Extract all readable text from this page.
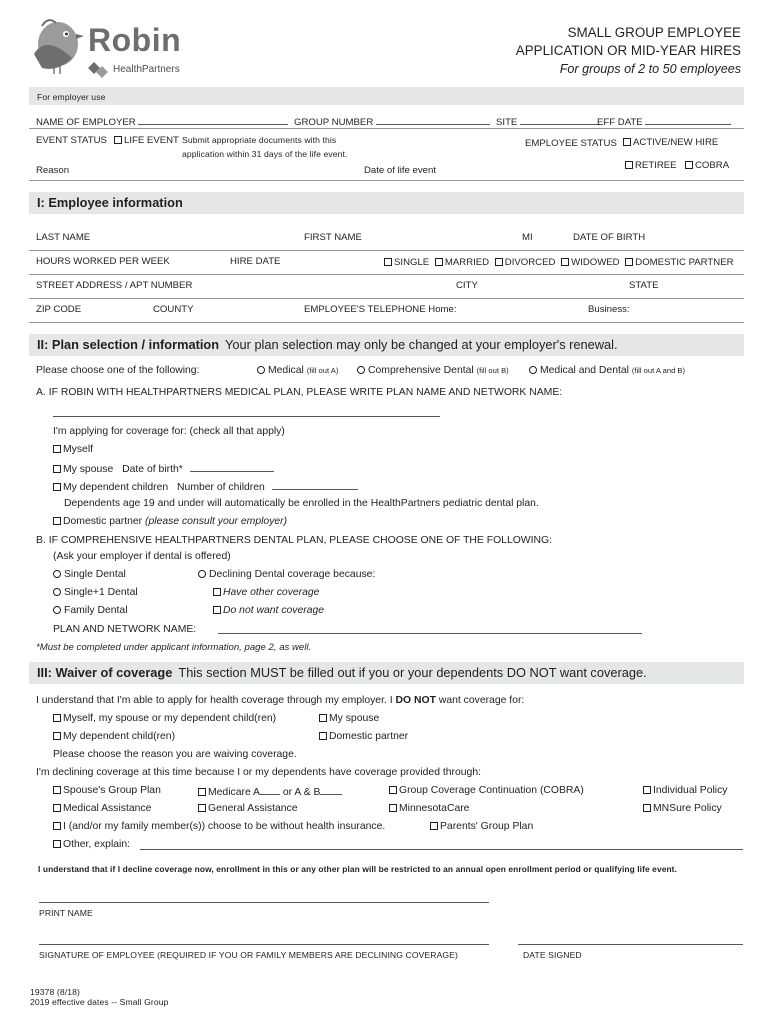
Robin
HealthPartners
SMALL GROUP EMPLOYEE
APPLICATION OR MID-YEAR HIRES
For groups of 2 to 50 employees
For employer use
NAME OF EMPLOYER	GROUP NUMBER	SITE	EFF DATE
EVENT STATUS	LIFE EVENT Submit appropriate documents with this
application within 31 days of the life event.
EMPLOYEE STATUS	ACTIVE/NEW HIRE
RETIREE	COBRA
Reason	Date of life event
I: Employee information
LAST NAME	FIRST NAME	MI	DATE OF BIRTH
HOURS WORKED PER WEEK	HIRE DATE	SINGLE MARRIED DIVORCED WIDOWED DOMESTIC PARTNER
STREET ADDRESS / APT NUMBER	CITY	STATE
ZIP CODE	COUNTY	EMPLOYEE'S TELEPHONE Home:	Business:
II: Plan selection / information Your plan selection may only be changed at your employer's renewal.
Please choose one of the following:	Medical (fill out A)	Comprehensive Dental (fill out B)	Medical and Dental (fill out A and B)
A. IF ROBIN WITH HEALTHPARTNERS MEDICAL PLAN, PLEASE WRITE PLAN NAME AND NETWORK NAME:
I'm applying for coverage for: (check all that apply)
Myself
My spouse Date of birth*
My dependent children Number of children
Dependents age 19 and under will automatically be enrolled in the HealthPartners pediatric dental plan.
Domestic partner (please consult your employer)
B. IF COMPREHENSIVE HEALTHPARTNERS DENTAL PLAN, PLEASE CHOOSE ONE OF THE FOLLOWING:
(Ask your employer if dental is offered)
Single Dental
Single+1 Dental
Family Dental
Declining Dental coverage because:
Have other coverage
Do not want coverage
PLAN AND NETWORK NAME:
*Must be completed under applicant information, page 2, as well.
III: Waiver of coverage This section MUST be filled out if you or your dependents DO NOT want coverage.
I understand that I'm able to apply for health coverage through my employer. I DO NOT want coverage for:
Myself, my spouse or my dependent child(ren)	My spouse
My dependent child(ren)	Domestic partner
Please choose the reason you are waiving coverage.
I'm declining coverage at this time because I or my dependents have coverage provided through:
Spouse's Group Plan	Medicare A or A & B	Group Coverage Continuation (COBRA)	Individual Policy
Medical Assistance	General Assistance	MinnesotaCare	MNSure Policy
I (and/or my family member(s)) choose to be without health insurance.	Parents' Group Plan
Other, explain:
I understand that if I decline coverage now, enrollment in this or any other plan will be restricted to an annual open enrollment period or qualifying life event.
PRINT NAME
SIGNATURE OF EMPLOYEE (REQUIRED IF YOU OR FAMILY MEMBERS ARE DECLINING COVERAGE)	DATE SIGNED
19378 (8/18)
2019 effective dates -- Small Group
